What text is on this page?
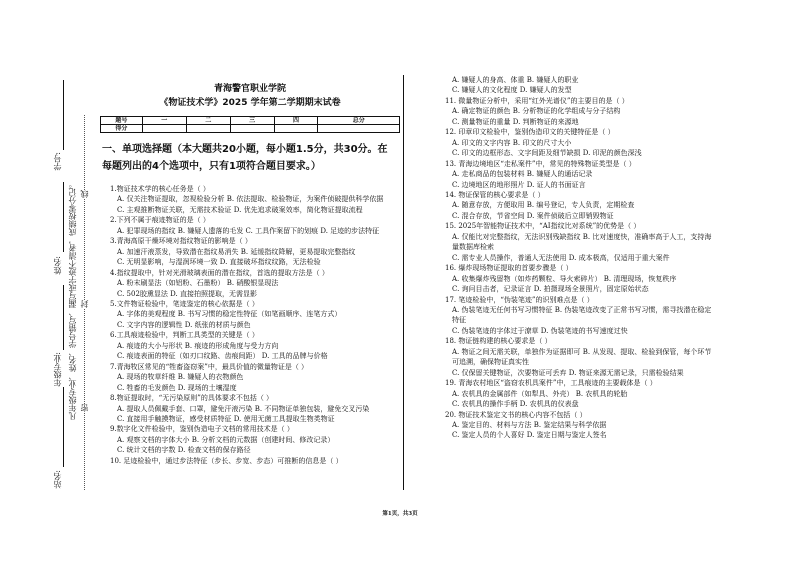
学号:
姓名:
年级专业:
站名:
凡年级专业、姓名、学号错写、漏写或字迹不清者，成绩按零分记。 密
封
线
青海警官职业学院
《物证技术学》2025 学年第二学期期末试卷
题号	一	二	三	四	总分
得分					
一、单项选择题（本大题共20小题，每小题1.5分，共30分。在
每题列出的4个选项中，只有1项符合题目要求。）
1.物证技术学的核心任务是（ ）
A. 仅关注物证提取，忽视检验分析 B. 依法提取、检验物证，为案件侦破提供科学依据
C. 主观推断物证关联，无需技术验证 D. 优先追求破案效率，简化物证提取流程
2.下列不属于痕迹物证的是（ ）
A. 犯罪现场的指纹 B. 嫌疑人遗落的毛发 C. 工具作案留下的划痕 D. 足迹的步法特征
3.青海高原干燥环境对指纹物证的影响是（ ）
A. 加速汗液蒸发，导致潜在指纹易消失 B. 延缓指纹降解，更易提取完整指纹
C. 无明显影响，与湿润环境一致 D. 直接破坏指纹纹路，无法检验
4.指纹提取中，针对光滑玻璃表面的潜在指纹，首选的提取方法是（ ）
A. 粉末刷显法（如铝粉、石墨粉） B. 硝酸银显现法
C. 502胶熏显法 D. 直接拍照提取，无需显影
5.文件物证检验中，笔迹鉴定的核心依据是（ ）
A. 字体的美观程度 B. 书写习惯的稳定性特征（如笔画顺序、连笔方式）
C. 文字内容的逻辑性 D. 纸张的材质与颜色
6.工具痕迹检验中，判断工具类型的关键是（ ）
A. 痕迹的大小与形状 B. 痕迹的形成角度与受力方向
C. 痕迹表面的特征（如刃口纹路、齿痕间距） D. 工具的品牌与价格
7.青海牧区常见的“牲畜盗窃案”中，最具价值的微量物证是（ ）
A. 现场的牧草纤维 B. 嫌疑人的衣物颜色
C. 牲畜的毛发颜色 D. 现场的土壤湿度
8.物证提取时，“无污染原则”的具体要求不包括（ ）
A. 提取人员佩戴手套、口罩，避免汗液污染 B. 不同物证单独包装，避免交叉污染
C. 直接用手触摸物证，感受材质特征 D. 使用无菌工具提取生物类物证
9.数字化文件检验中，鉴别伪造电子文档的常用技术是（ ）
A. 观察文档的字体大小 B. 分析文档的元数据（创建时间、修改记录）
C. 统计文档的字数 D. 检查文档的保存路径
10. 足迹检验中，通过步法特征（步长、步宽、步态）可推断的信息是（ ）
A. 嫌疑人的身高、体重 B. 嫌疑人的职业
C. 嫌疑人的文化程度 D. 嫌疑人的发型
11. 微量物证分析中，采用“红外光谱仪”的主要目的是（ ）
A. 确定物证的颜色 B. 分析物证的化学组成与分子结构
C. 测量物证的重量 D. 判断物证的来源地
12. 印章印文检验中，鉴别伪造印文的关键特征是（ ）
A. 印文的文字内容 B. 印文的尺寸大小
C. 印文的边框形态、文字间距及细节缺损 D. 印泥的颜色深浅
13. 青海边境地区“走私案件”中，常见的特殊物证类型是（ ）
A. 走私商品的包装材料 B. 嫌疑人的通话记录
C. 边境地区的地形照片 D. 证人的书面证言
14. 物证保管的核心要求是（ ）
A. 随意存放，方便取用 B. 编号登记，专人负责，定期检查
C. 混合存放，节省空间 D. 案件侦破后立即销毁物证
15. 2025年智能物证技术中，“AI指纹比对系统”的优势是（ ）
A. 仅能比对完整指纹，无法识别残缺指纹 B. 比对速度快，准确率高于人工，支持海量数据库检索
C. 需专业人员操作，普通人无法使用 D. 成本极高，仅适用于重大案件
16. 爆炸现场物证提取的首要步骤是（ ）
A. 收集爆炸残留物（如炸药颗粒、导火索碎片） B. 清理现场，恢复秩序
C. 询问目击者，记录证言 D. 拍摄现场全景照片，固定原始状态
17. 笔迹检验中，“伪装笔迹”的识别难点是（ ）
A. 伪装笔迹无任何书写习惯特征 B. 伪装笔迹改变了正常书写习惯，需寻找潜在稳定特征
C. 伪装笔迹的字体过于潦草 D. 伪装笔迹的书写速度过快
18. 物证链构建的核心要求是（ ）
A. 物证之间无需关联，单独作为证据即可 B. 从发现、提取、检验到保管，每个环节可追溯，确保物证真实性
C. 仅保留关键物证，次要物证可丢弃 D. 物证来源无需记录，只需检验结果
19. 青海农村地区“盗窃农机具案件”中，工具痕迹的主要载体是（ ）
A. 农机具的金属部件（如犁具、外壳） B. 农机具的轮胎
C. 农机具的操作手柄 D. 农机具的仪表盘
20. 物证技术鉴定文书的核心内容不包括（ ）
A. 鉴定目的、材料与方法 B. 鉴定结果与科学依据
C. 鉴定人员的个人喜好 D. 鉴定日期与鉴定人签名
第1页，共3页
